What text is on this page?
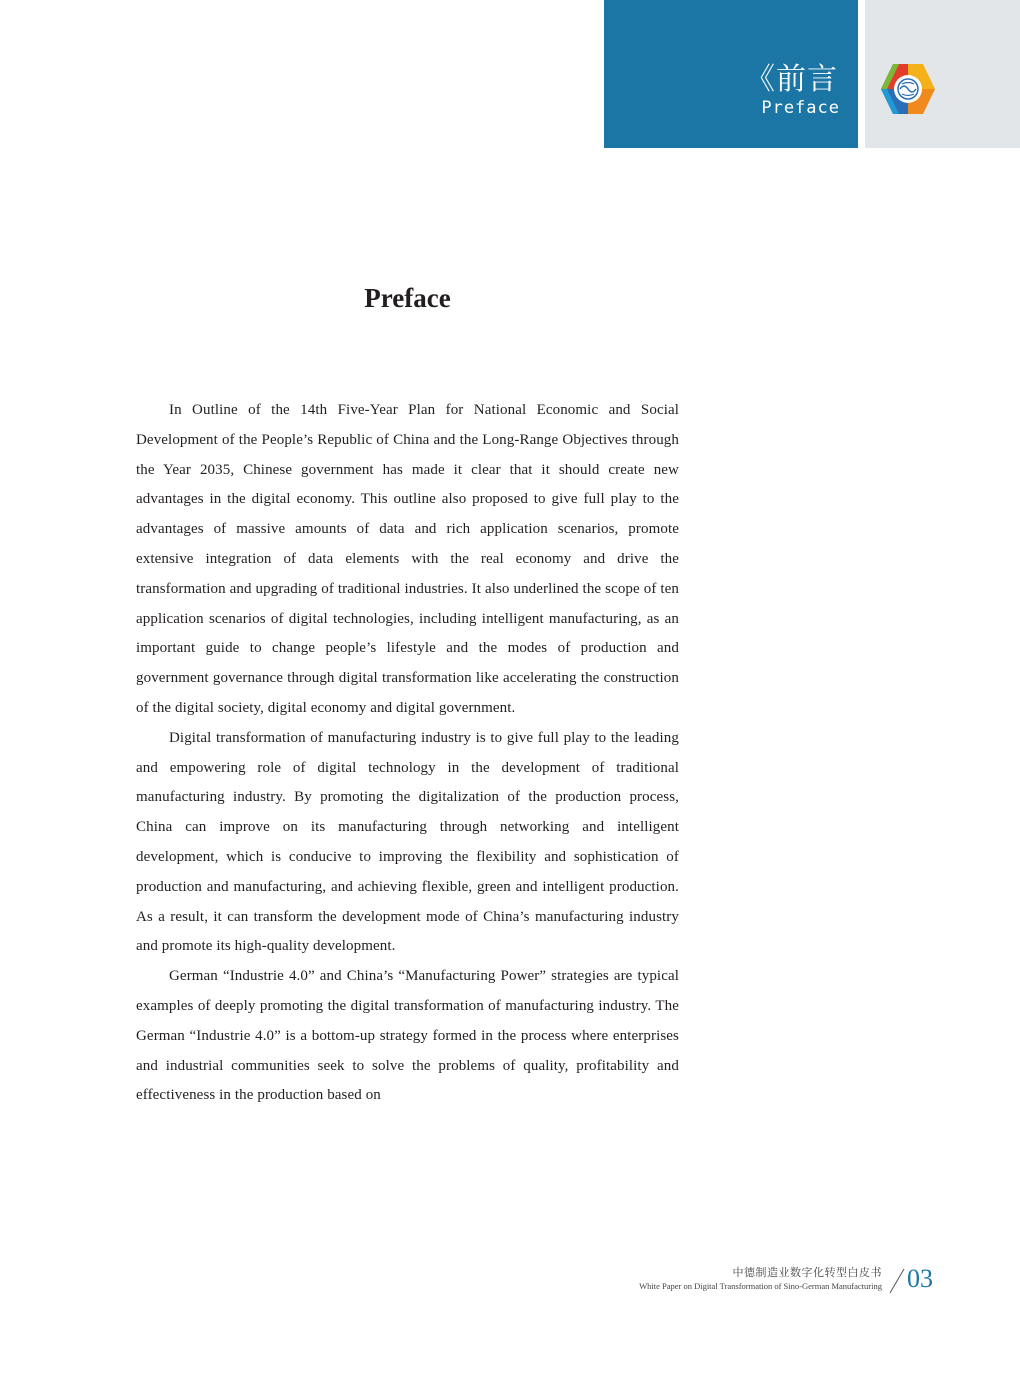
《前言
Preface
Preface

In Outline of the 14th Five-Year Plan for National Economic and Social Development of the People’s Republic of China and the Long-Range Objectives through the Year 2035, Chinese government has made it clear that it should create new advantages in the digital economy. This outline also proposed to give full play to the advantages of massive amounts of data and rich application scenarios, promote extensive integration of data elements with the real economy and drive the transformation and upgrading of traditional industries. It also underlined the scope of ten application scenarios of digital technologies, including intelligent manufacturing, as an important guide to change people’s lifestyle and the modes of production and government governance through digital transformation like accelerating the construction of the digital society, digital economy and digital government.

Digital transformation of manufacturing industry is to give full play to the leading and empowering role of digital technology in the development of traditional manufacturing industry. By promoting the digitalization of the production process, China can improve on its manufacturing through networking and intelligent development, which is conducive to improving the flexibility and sophistication of production and manufacturing, and achieving flexible, green and intelligent production. As a result, it can transform the development mode of China’s manufacturing industry and promote its high-quality development.

German “Industrie 4.0” and China’s “Manufacturing Power” strategies are typical examples of deeply promoting the digital transformation of manufacturing industry. The German “Industrie 4.0” is a bottom-up strategy formed in the process where enterprises and industrial communities seek to solve the problems of quality, profitability and effectiveness in the production based on

中德制造业数字化转型白皮书
White Paper on Digital Transformation of Sino-German Manufacturing 03
